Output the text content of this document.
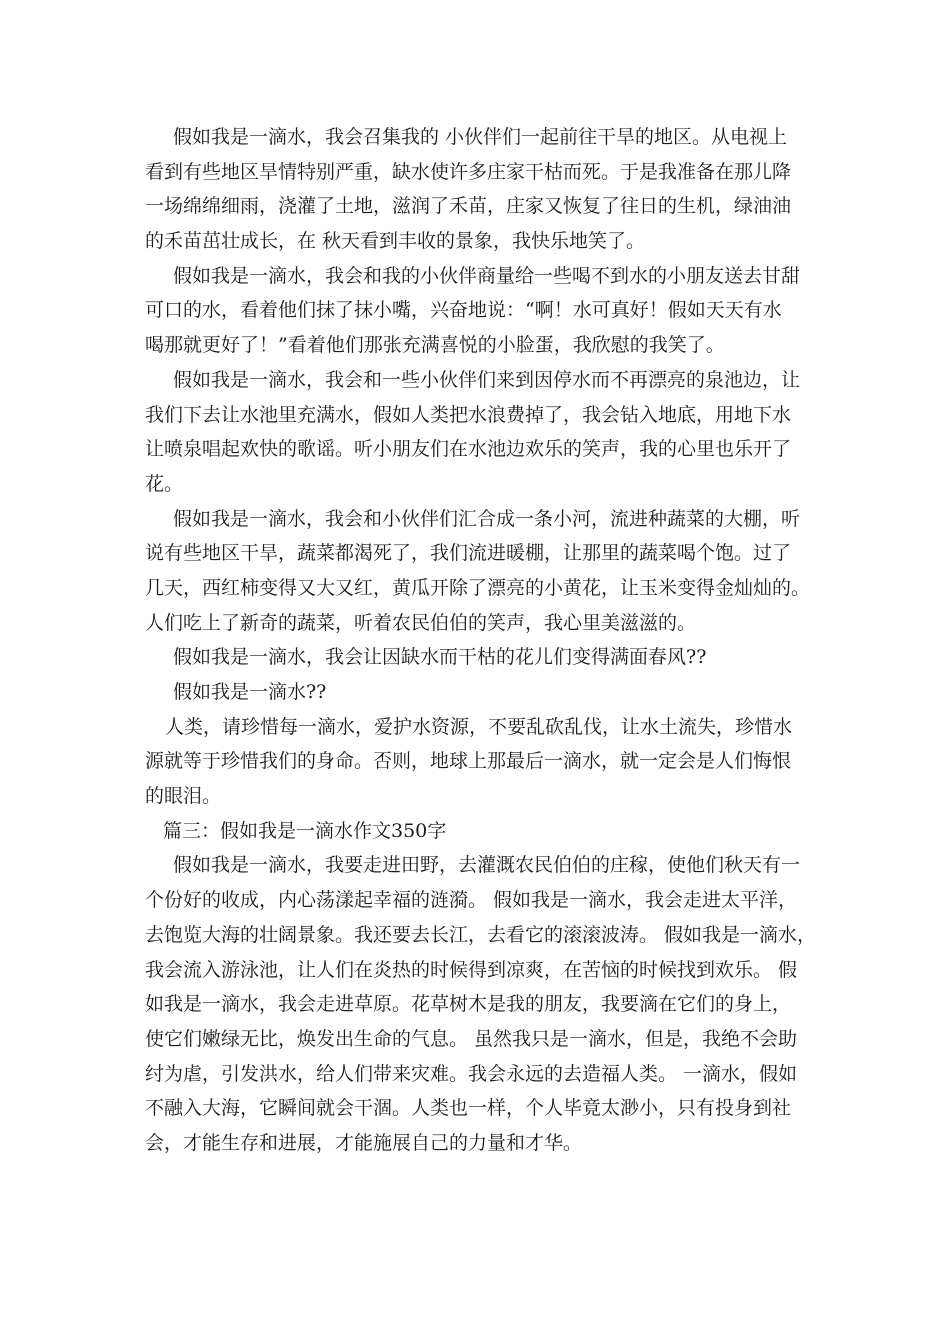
假如我是一滴水，我会召集我的 小伙伴们一起前往干旱的地区。从电视上
看到有些地区旱情特别严重，缺水使许多庄家干枯而死。于是我准备在那儿降
一场绵绵细雨，浇灌了土地，滋润了禾苗，庄家又恢复了往日的生机，绿油油
的禾苗茁壮成长，在 秋天看到丰收的景象，我快乐地笑了。
假如我是一滴水，我会和我的小伙伴商量给一些喝不到水的小朋友送去甘甜
可口的水，看着他们抹了抹小嘴，兴奋地说：“啊！水可真好！假如天天有水
喝那就更好了！”看着他们那张充满喜悦的小脸蛋，我欣慰的我笑了。
假如我是一滴水，我会和一些小伙伴们来到因停水而不再漂亮的泉池边，让
我们下去让水池里充满水，假如人类把水浪费掉了，我会钻入地底，用地下水
让喷泉唱起欢快的歌谣。听小朋友们在水池边欢乐的笑声，我的心里也乐开了
花。
假如我是一滴水，我会和小伙伴们汇合成一条小河，流进种蔬菜的大棚，听
说有些地区干旱，蔬菜都渴死了，我们流进暖棚，让那里的蔬菜喝个饱。过了
几天，西红柿变得又大又红，黄瓜开除了漂亮的小黄花，让玉米变得金灿灿的。
人们吃上了新奇的蔬菜，听着农民伯伯的笑声，我心里美滋滋的。
假如我是一滴水，我会让因缺水而干枯的花儿们变得满面春风??
假如我是一滴水??
人类，请珍惜每一滴水，爱护水资源，不要乱砍乱伐，让水土流失，珍惜水
源就等于珍惜我们的身命。否则，地球上那最后一滴水，就一定会是人们悔恨
的眼泪。
篇三：假如我是一滴水作文350字
假如我是一滴水，我要走进田野，去灌溉农民伯伯的庄稼，使他们秋天有一
个份好的收成，内心荡漾起幸福的涟漪。 假如我是一滴水，我会走进太平洋，
去饱览大海的壮阔景象。我还要去长江，去看它的滚滚波涛。 假如我是一滴水，
我会流入游泳池，让人们在炎热的时候得到凉爽，在苦恼的时候找到欢乐。 假
如我是一滴水，我会走进草原。花草树木是我的朋友，我要滴在它们的身上，
使它们嫩绿无比，焕发出生命的气息。 虽然我只是一滴水，但是，我绝不会助
纣为虐，引发洪水，给人们带来灾难。我会永远的去造福人类。 一滴水，假如
不融入大海，它瞬间就会干涸。人类也一样，个人毕竟太渺小，只有投身到社
会，才能生存和进展，才能施展自己的力量和才华。
